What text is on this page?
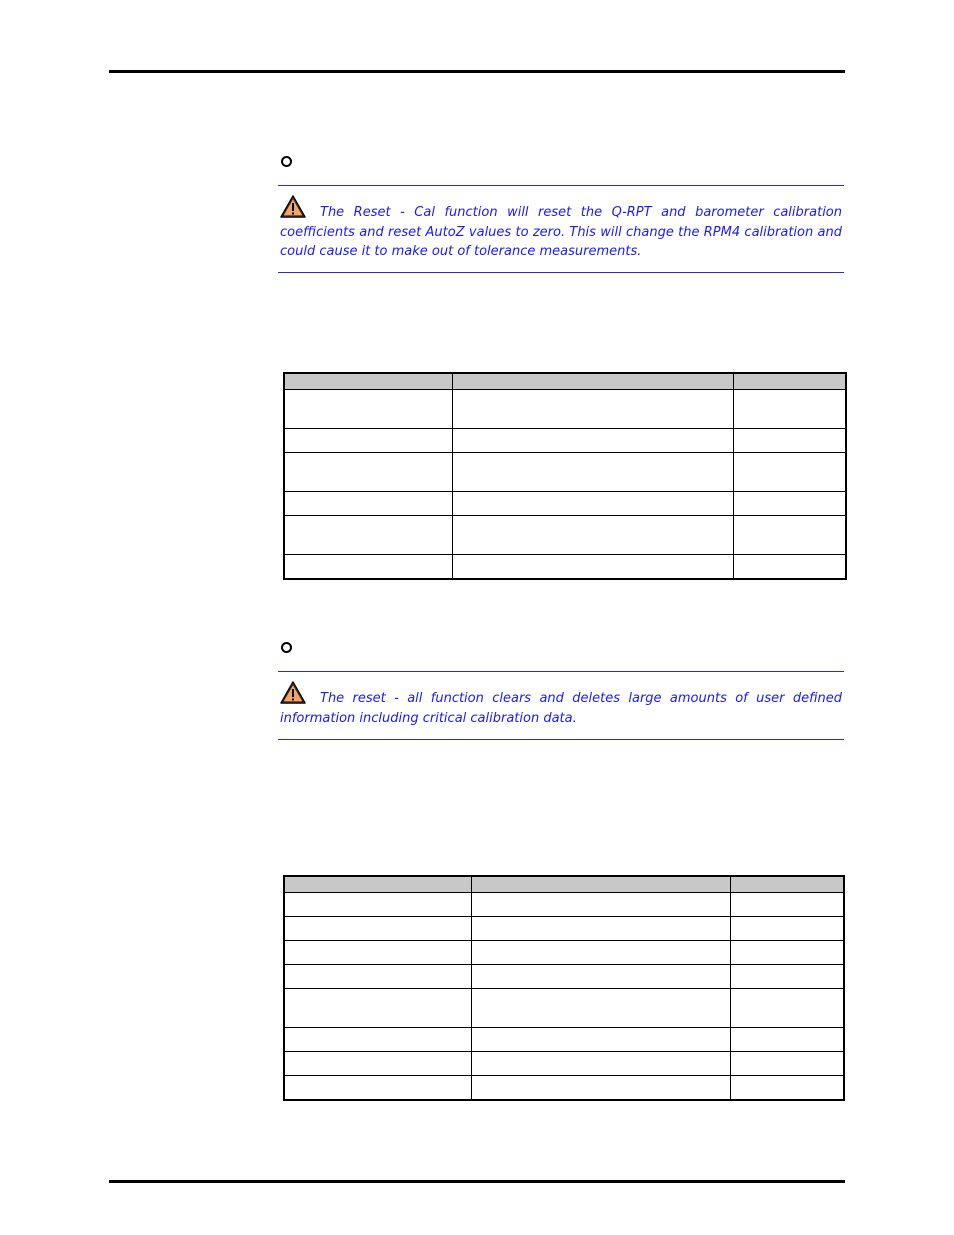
The Reset - Cal function will reset the Q-RPT and barometer calibration coefficients and reset AutoZ values to zero. This will change the RPM4 calibration and could cause it to make out of tolerance measurements.

The reset - all function clears and deletes large amounts of user defined information including critical calibration data.
